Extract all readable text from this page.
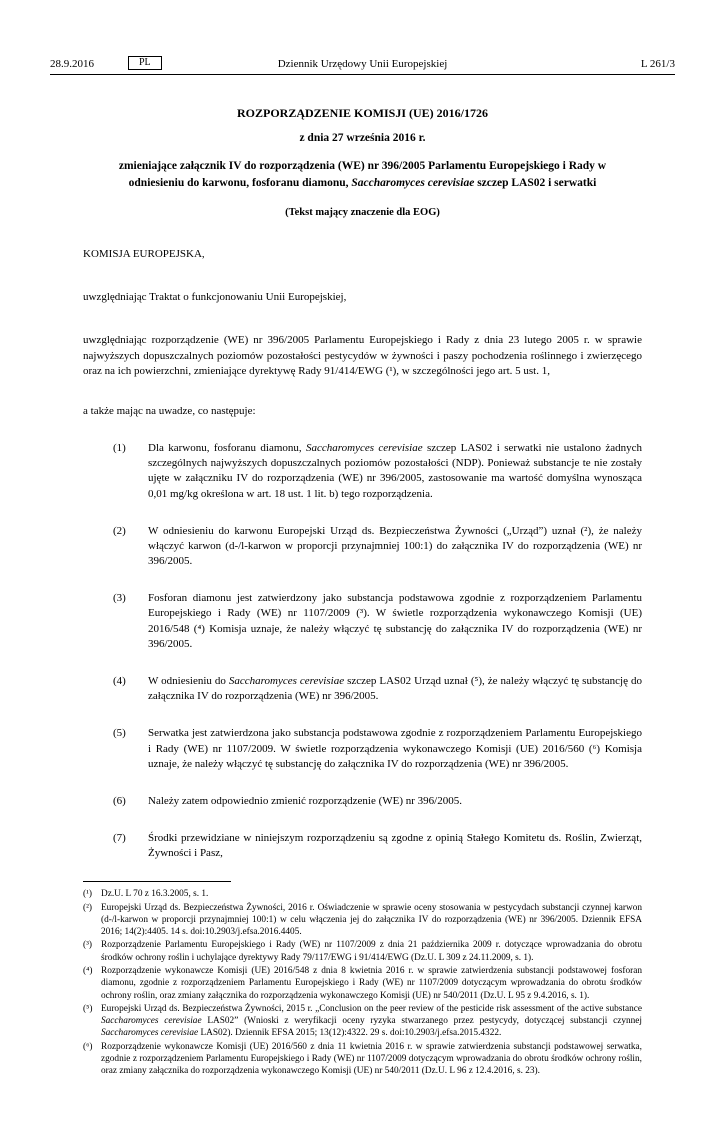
28.9.2016	PL	Dziennik Urzędowy Unii Europejskiej	L 261/3
ROZPORZĄDZENIE KOMISJI (UE) 2016/1726
z dnia 27 września 2016 r.
zmieniające załącznik IV do rozporządzenia (WE) nr 396/2005 Parlamentu Europejskiego i Rady w odniesieniu do karwonu, fosforanu diamonu, Saccharomyces cerevisiae szczep LAS02 i serwatki
(Tekst mający znaczenie dla EOG)
KOMISJA EUROPEJSKA,
uwzględniając Traktat o funkcjonowaniu Unii Europejskiej,
uwzględniając rozporządzenie (WE) nr 396/2005 Parlamentu Europejskiego i Rady z dnia 23 lutego 2005 r. w sprawie najwyższych dopuszczalnych poziomów pozostałości pestycydów w żywności i paszy pochodzenia roślinnego i zwierzęcego oraz na ich powierzchni, zmieniające dyrektywę Rady 91/414/EWG (¹), w szczególności jego art. 5 ust. 1,
a także mając na uwadze, co następuje:
(1)	Dla karwonu, fosforanu diamonu, Saccharomyces cerevisiae szczep LAS02 i serwatki nie ustalono żadnych szczególnych najwyższych dopuszczalnych poziomów pozostałości (NDP). Ponieważ substancje te nie zostały ujęte w załączniku IV do rozporządzenia (WE) nr 396/2005, zastosowanie ma wartość domyślna wynosząca 0,01 mg/kg określona w art. 18 ust. 1 lit. b) tego rozporządzenia.
(2)	W odniesieniu do karwonu Europejski Urząd ds. Bezpieczeństwa Żywności („Urząd”) uznał (²), że należy włączyć karwon (d-/l-karwon w proporcji przynajmniej 100:1) do załącznika IV do rozporządzenia (WE) nr 396/2005.
(3)	Fosforan diamonu jest zatwierdzony jako substancja podstawowa zgodnie z rozporządzeniem Parlamentu Europejskiego i Rady (WE) nr 1107/2009 (³). W świetle rozporządzenia wykonawczego Komisji (UE) 2016/548 (⁴) Komisja uznaje, że należy włączyć tę substancję do załącznika IV do rozporządzenia (WE) nr 396/2005.
(4)	W odniesieniu do Saccharomyces cerevisiae szczep LAS02 Urząd uznał (⁵), że należy włączyć tę substancję do załącznika IV do rozporządzenia (WE) nr 396/2005.
(5)	Serwatka jest zatwierdzona jako substancja podstawowa zgodnie z rozporządzeniem Parlamentu Europejskiego i Rady (WE) nr 1107/2009. W świetle rozporządzenia wykonawczego Komisji (UE) 2016/560 (⁶) Komisja uznaje, że należy włączyć tę substancję do załącznika IV do rozporządzenia (WE) nr 396/2005.
(6)	Należy zatem odpowiednio zmienić rozporządzenie (WE) nr 396/2005.
(7)	Środki przewidziane w niniejszym rozporządzeniu są zgodne z opinią Stałego Komitetu ds. Roślin, Zwierząt, Żywności i Pasz,
(¹) Dz.U. L 70 z 16.3.2005, s. 1.
(²) Europejski Urząd ds. Bezpieczeństwa Żywności, 2016 r. Oświadczenie w sprawie oceny stosowania w pestycydach substancji czynnej karwon (d-/l-karwon w proporcji przynajmniej 100:1) w celu włączenia jej do załącznika IV do rozporządzenia (WE) nr 396/2005. Dziennik EFSA 2016; 14(2):4405. 14 s. doi:10.2903/j.efsa.2016.4405.
(³) Rozporządzenie Parlamentu Europejskiego i Rady (WE) nr 1107/2009 z dnia 21 października 2009 r. dotyczące wprowadzania do obrotu środków ochrony roślin i uchylające dyrektywy Rady 79/117/EWG i 91/414/EWG (Dz.U. L 309 z 24.11.2009, s. 1).
(⁴) Rozporządzenie wykonawcze Komisji (UE) 2016/548 z dnia 8 kwietnia 2016 r. w sprawie zatwierdzenia substancji podstawowej fosforan diamonu, zgodnie z rozporządzeniem Parlamentu Europejskiego i Rady (WE) nr 1107/2009 dotyczącym wprowadzania do obrotu środków ochrony roślin, oraz zmiany załącznika do rozporządzenia wykonawczego Komisji (UE) nr 540/2011 (Dz.U. L 95 z 9.4.2016, s. 1).
(⁵) Europejski Urząd ds. Bezpieczeństwa Żywności, 2015 r. „Conclusion on the peer review of the pesticide risk assessment of the active substance Saccharomyces cerevisiae LAS02” (Wnioski z weryfikacji oceny ryzyka stwarzanego przez pestycydy, dotyczącej substancji czynnej Saccharomyces cerevisiae LAS02). Dziennik EFSA 2015; 13(12):4322. 29 s. doi:10.2903/j.efsa.2015.4322.
(⁶) Rozporządzenie wykonawcze Komisji (UE) 2016/560 z dnia 11 kwietnia 2016 r. w sprawie zatwierdzenia substancji podstawowej serwatka, zgodnie z rozporządzeniem Parlamentu Europejskiego i Rady (WE) nr 1107/2009 dotyczącym wprowadzania do obrotu środków ochrony roślin, oraz zmiany załącznika do rozporządzenia wykonawczego Komisji (UE) nr 540/2011 (Dz.U. L 96 z 12.4.2016, s. 23).
